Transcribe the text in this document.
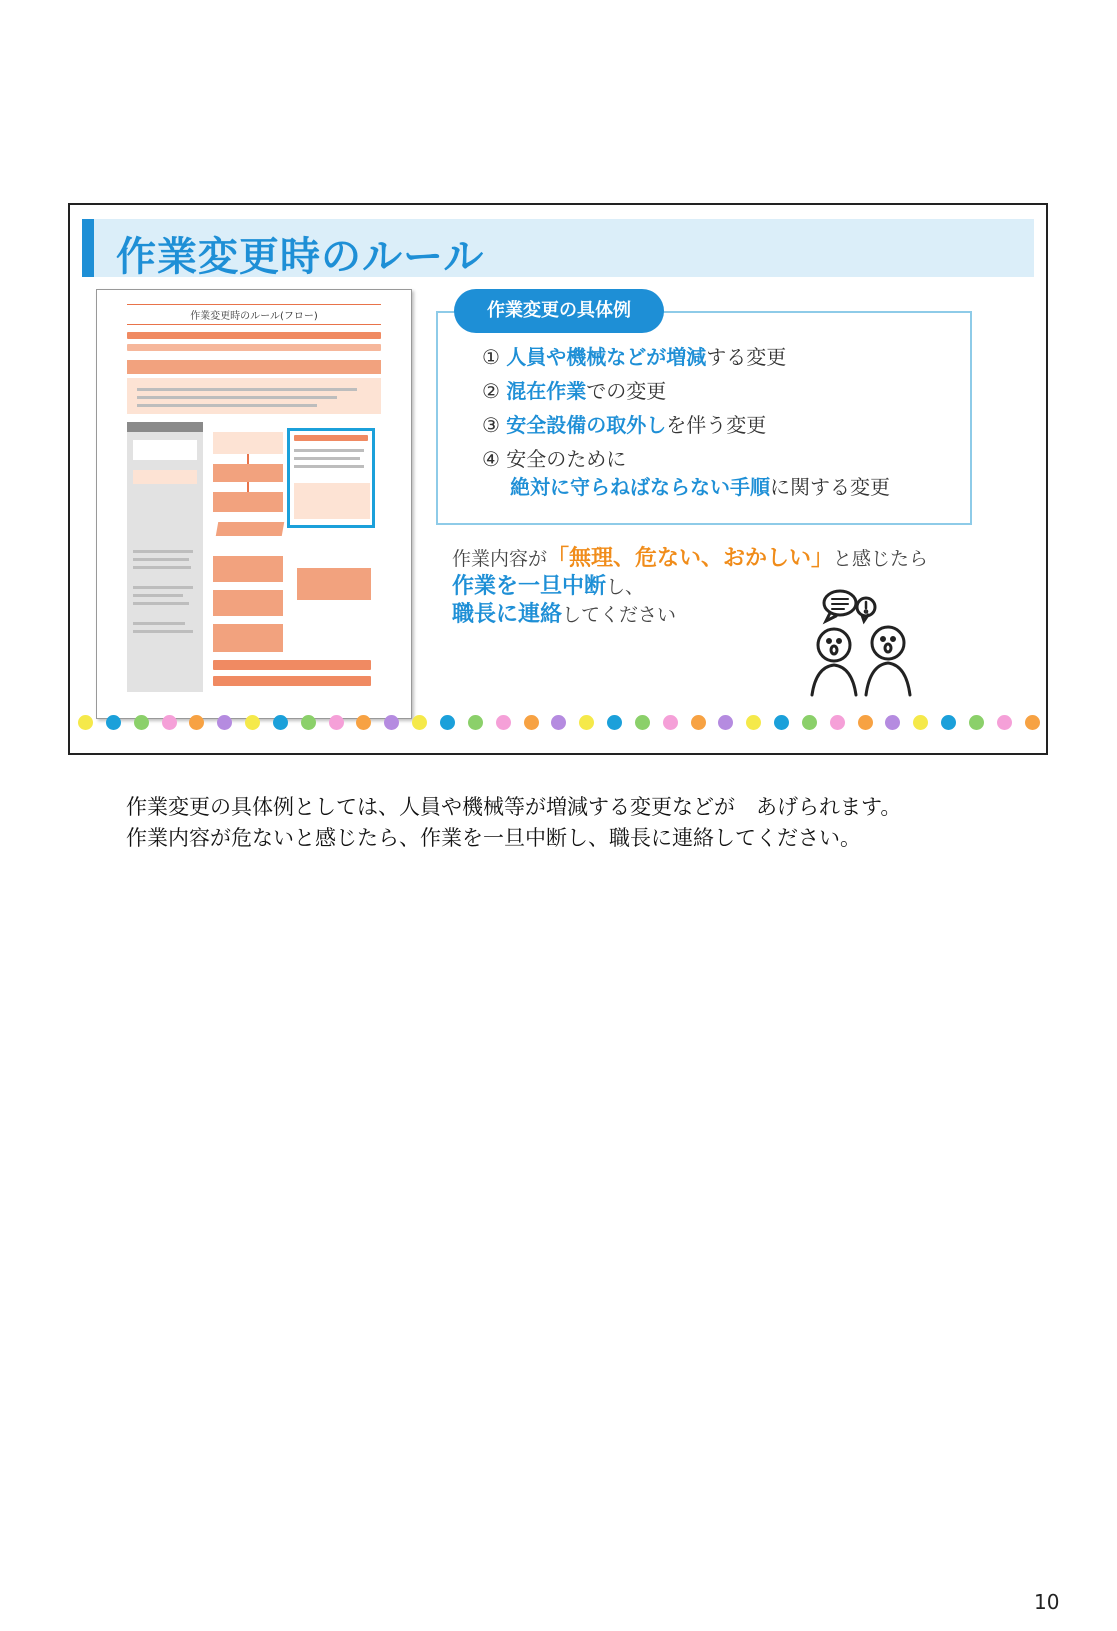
作業変更時のルール
作業変更時のルール(フロー)	作業変更の具体例
① 人員や機械などが増減する変更
② 混在作業での変更
③ 安全設備の取外しを伴う変更
④ 安全のために
絶対に守らねばならない手順に関する変更
作業内容が「無理、危ない、おかしい」と感じたら
作業を一旦中断し、
職長に連絡してください
作業変更の具体例としては、人員や機械等が増減する変更などが　あげられます。
作業内容が危ないと感じたら、作業を一旦中断し、職長に連絡してください。
10
